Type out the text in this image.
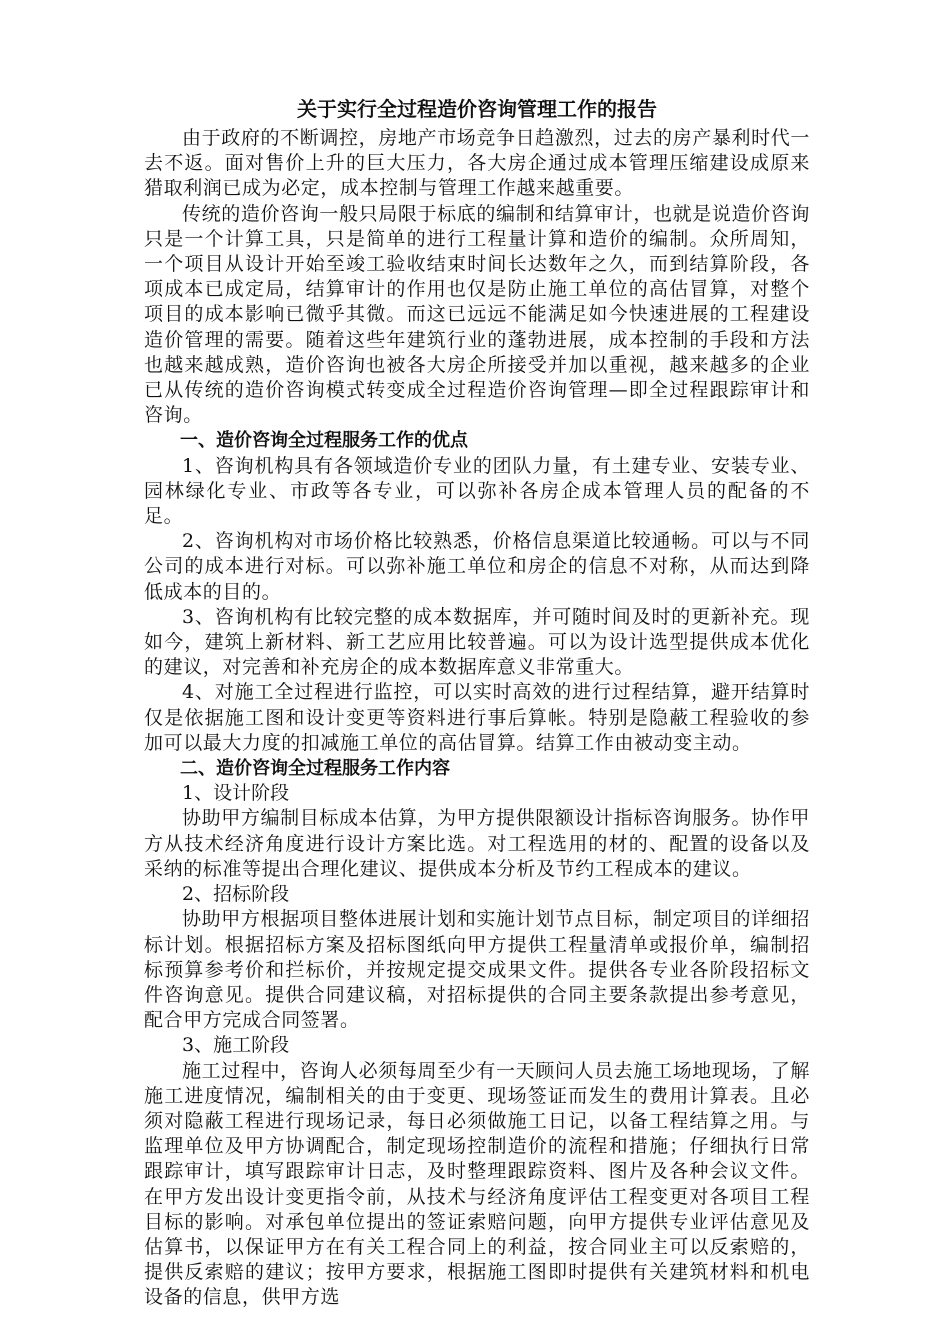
关于实行全过程造价咨询管理工作的报告

由于政府的不断调控，房地产市场竞争日趋激烈，过去的房产暴利时代一去不返。面对售价上升的巨大压力，各大房企通过成本管理压缩建设成原来猎取利润已成为必定，成本控制与管理工作越来越重要。

传统的造价咨询一般只局限于标底的编制和结算审计，也就是说造价咨询只是一个计算工具，只是简单的进行工程量计算和造价的编制。众所周知，一个项目从设计开始至竣工验收结束时间长达数年之久，而到结算阶段，各项成本已成定局，结算审计的作用也仅是防止施工单位的高估冒算，对整个项目的成本影响已微乎其微。而这已远远不能满足如今快速进展的工程建设造价管理的需要。随着这些年建筑行业的蓬勃进展，成本控制的手段和方法也越来越成熟，造价咨询也被各大房企所接受并加以重视，越来越多的企业已从传统的造价咨询模式转变成全过程造价咨询管理—即全过程跟踪审计和咨询。

一、造价咨询全过程服务工作的优点

1、咨询机构具有各领域造价专业的团队力量，有土建专业、安装专业、园林绿化专业、市政等各专业，可以弥补各房企成本管理人员的配备的不足。

2、咨询机构对市场价格比较熟悉，价格信息渠道比较通畅。可以与不同公司的成本进行对标。可以弥补施工单位和房企的信息不对称，从而达到降低成本的目的。

3、咨询机构有比较完整的成本数据库，并可随时间及时的更新补充。现如今，建筑上新材料、新工艺应用比较普遍。可以为设计选型提供成本优化的建议，对完善和补充房企的成本数据库意义非常重大。

4、对施工全过程进行监控，可以实时高效的进行过程结算，避开结算时仅是依据施工图和设计变更等资料进行事后算帐。特别是隐蔽工程验收的参加可以最大力度的扣减施工单位的高估冒算。结算工作由被动变主动。

二、造价咨询全过程服务工作内容

1、设计阶段

协助甲方编制目标成本估算，为甲方提供限额设计指标咨询服务。协作甲方从技术经济角度进行设计方案比选。对工程选用的材的、配置的设备以及采纳的标准等提出合理化建议、提供成本分析及节约工程成本的建议。

2、招标阶段

协助甲方根据项目整体进展计划和实施计划节点目标，制定项目的详细招标计划。根据招标方案及招标图纸向甲方提供工程量清单或报价单，编制招标预算参考价和拦标价，并按规定提交成果文件。提供各专业各阶段招标文件咨询意见。提供合同建议稿，对招标提供的合同主要条款提出参考意见，配合甲方完成合同签署。

3、施工阶段

施工过程中，咨询人必须每周至少有一天顾问人员去施工场地现场，了解施工进度情况，编制相关的由于变更、现场签证而发生的费用计算表。且必须对隐蔽工程进行现场记录，每日必须做施工日记，以备工程结算之用。与监理单位及甲方协调配合，制定现场控制造价的流程和措施；仔细执行日常跟踪审计，填写跟踪审计日志，及时整理跟踪资料、图片及各种会议文件。在甲方发出设计变更指令前，从技术与经济角度评估工程变更对各项目工程目标的影响。对承包单位提出的签证索赔问题，向甲方提供专业评估意见及估算书，以保证甲方在有关工程合同上的利益，按合同业主可以反索赔的，提供反索赔的建议；按甲方要求，根据施工图即时提供有关建筑材料和机电设备的信息，供甲方选
